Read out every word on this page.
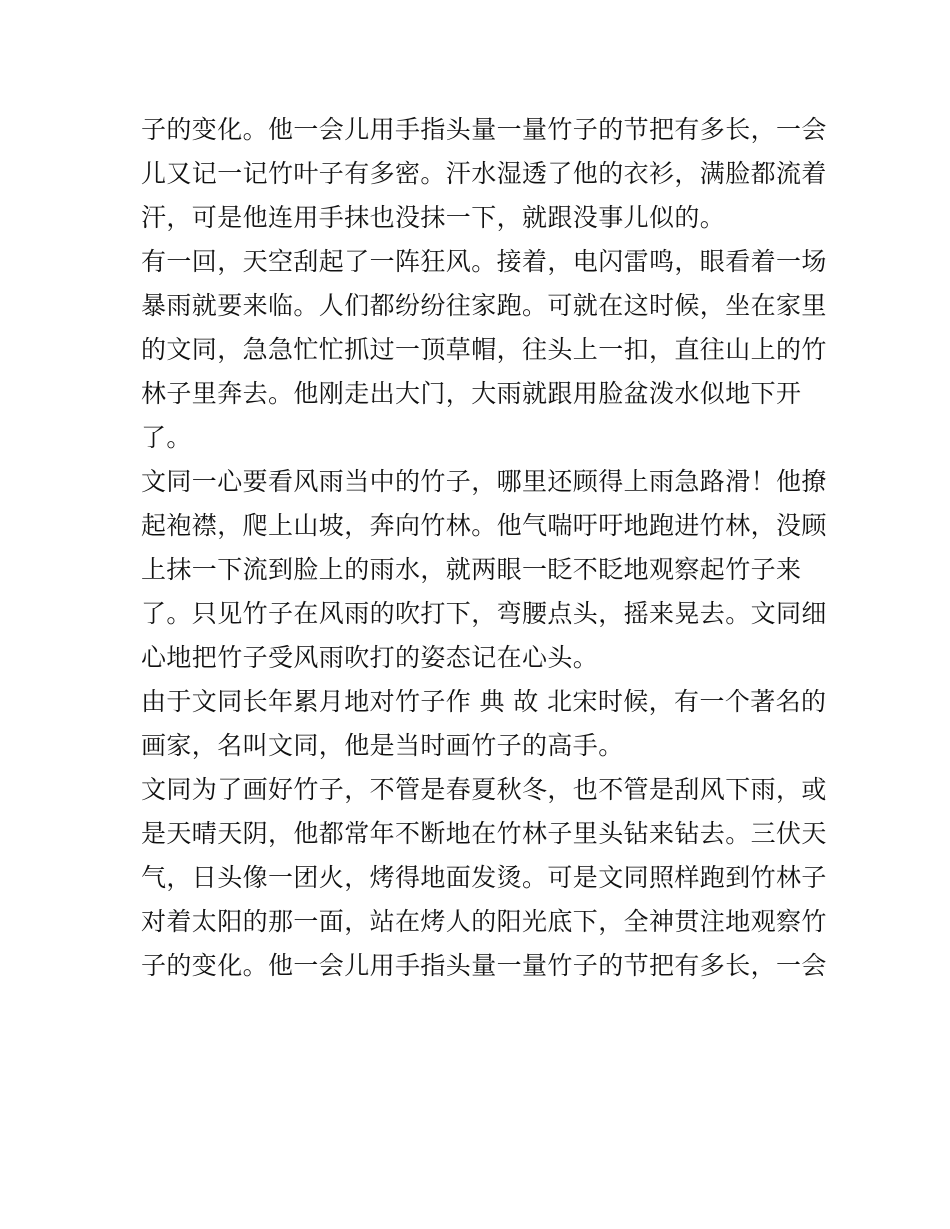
子的变化。他一会儿用手指头量一量竹子的节把有多长，一会
儿又记一记竹叶子有多密。汗水湿透了他的衣衫，满脸都流着
汗，可是他连用手抹也没抹一下，就跟没事儿似的。
有一回，天空刮起了一阵狂风。接着，电闪雷鸣，眼看着一场
暴雨就要来临。人们都纷纷往家跑。可就在这时候，坐在家里
的文同，急急忙忙抓过一顶草帽，往头上一扣，直往山上的竹
林子里奔去。他刚走出大门，大雨就跟用脸盆泼水似地下开
了。
文同一心要看风雨当中的竹子，哪里还顾得上雨急路滑！他撩
起袍襟，爬上山坡，奔向竹林。他气喘吁吁地跑进竹林，没顾
上抹一下流到脸上的雨水，就两眼一眨不眨地观察起竹子来
了。只见竹子在风雨的吹打下，弯腰点头，摇来晃去。文同细
心地把竹子受风雨吹打的姿态记在心头。
由于文同长年累月地对竹子作 典 故 北宋时候，有一个著名的
画家，名叫文同，他是当时画竹子的高手。
文同为了画好竹子，不管是春夏秋冬，也不管是刮风下雨，或
是天晴天阴，他都常年不断地在竹林子里头钻来钻去。三伏天
气，日头像一团火，烤得地面发烫。可是文同照样跑到竹林子
对着太阳的那一面，站在烤人的阳光底下，全神贯注地观察竹
子的变化。他一会儿用手指头量一量竹子的节把有多长，一会
